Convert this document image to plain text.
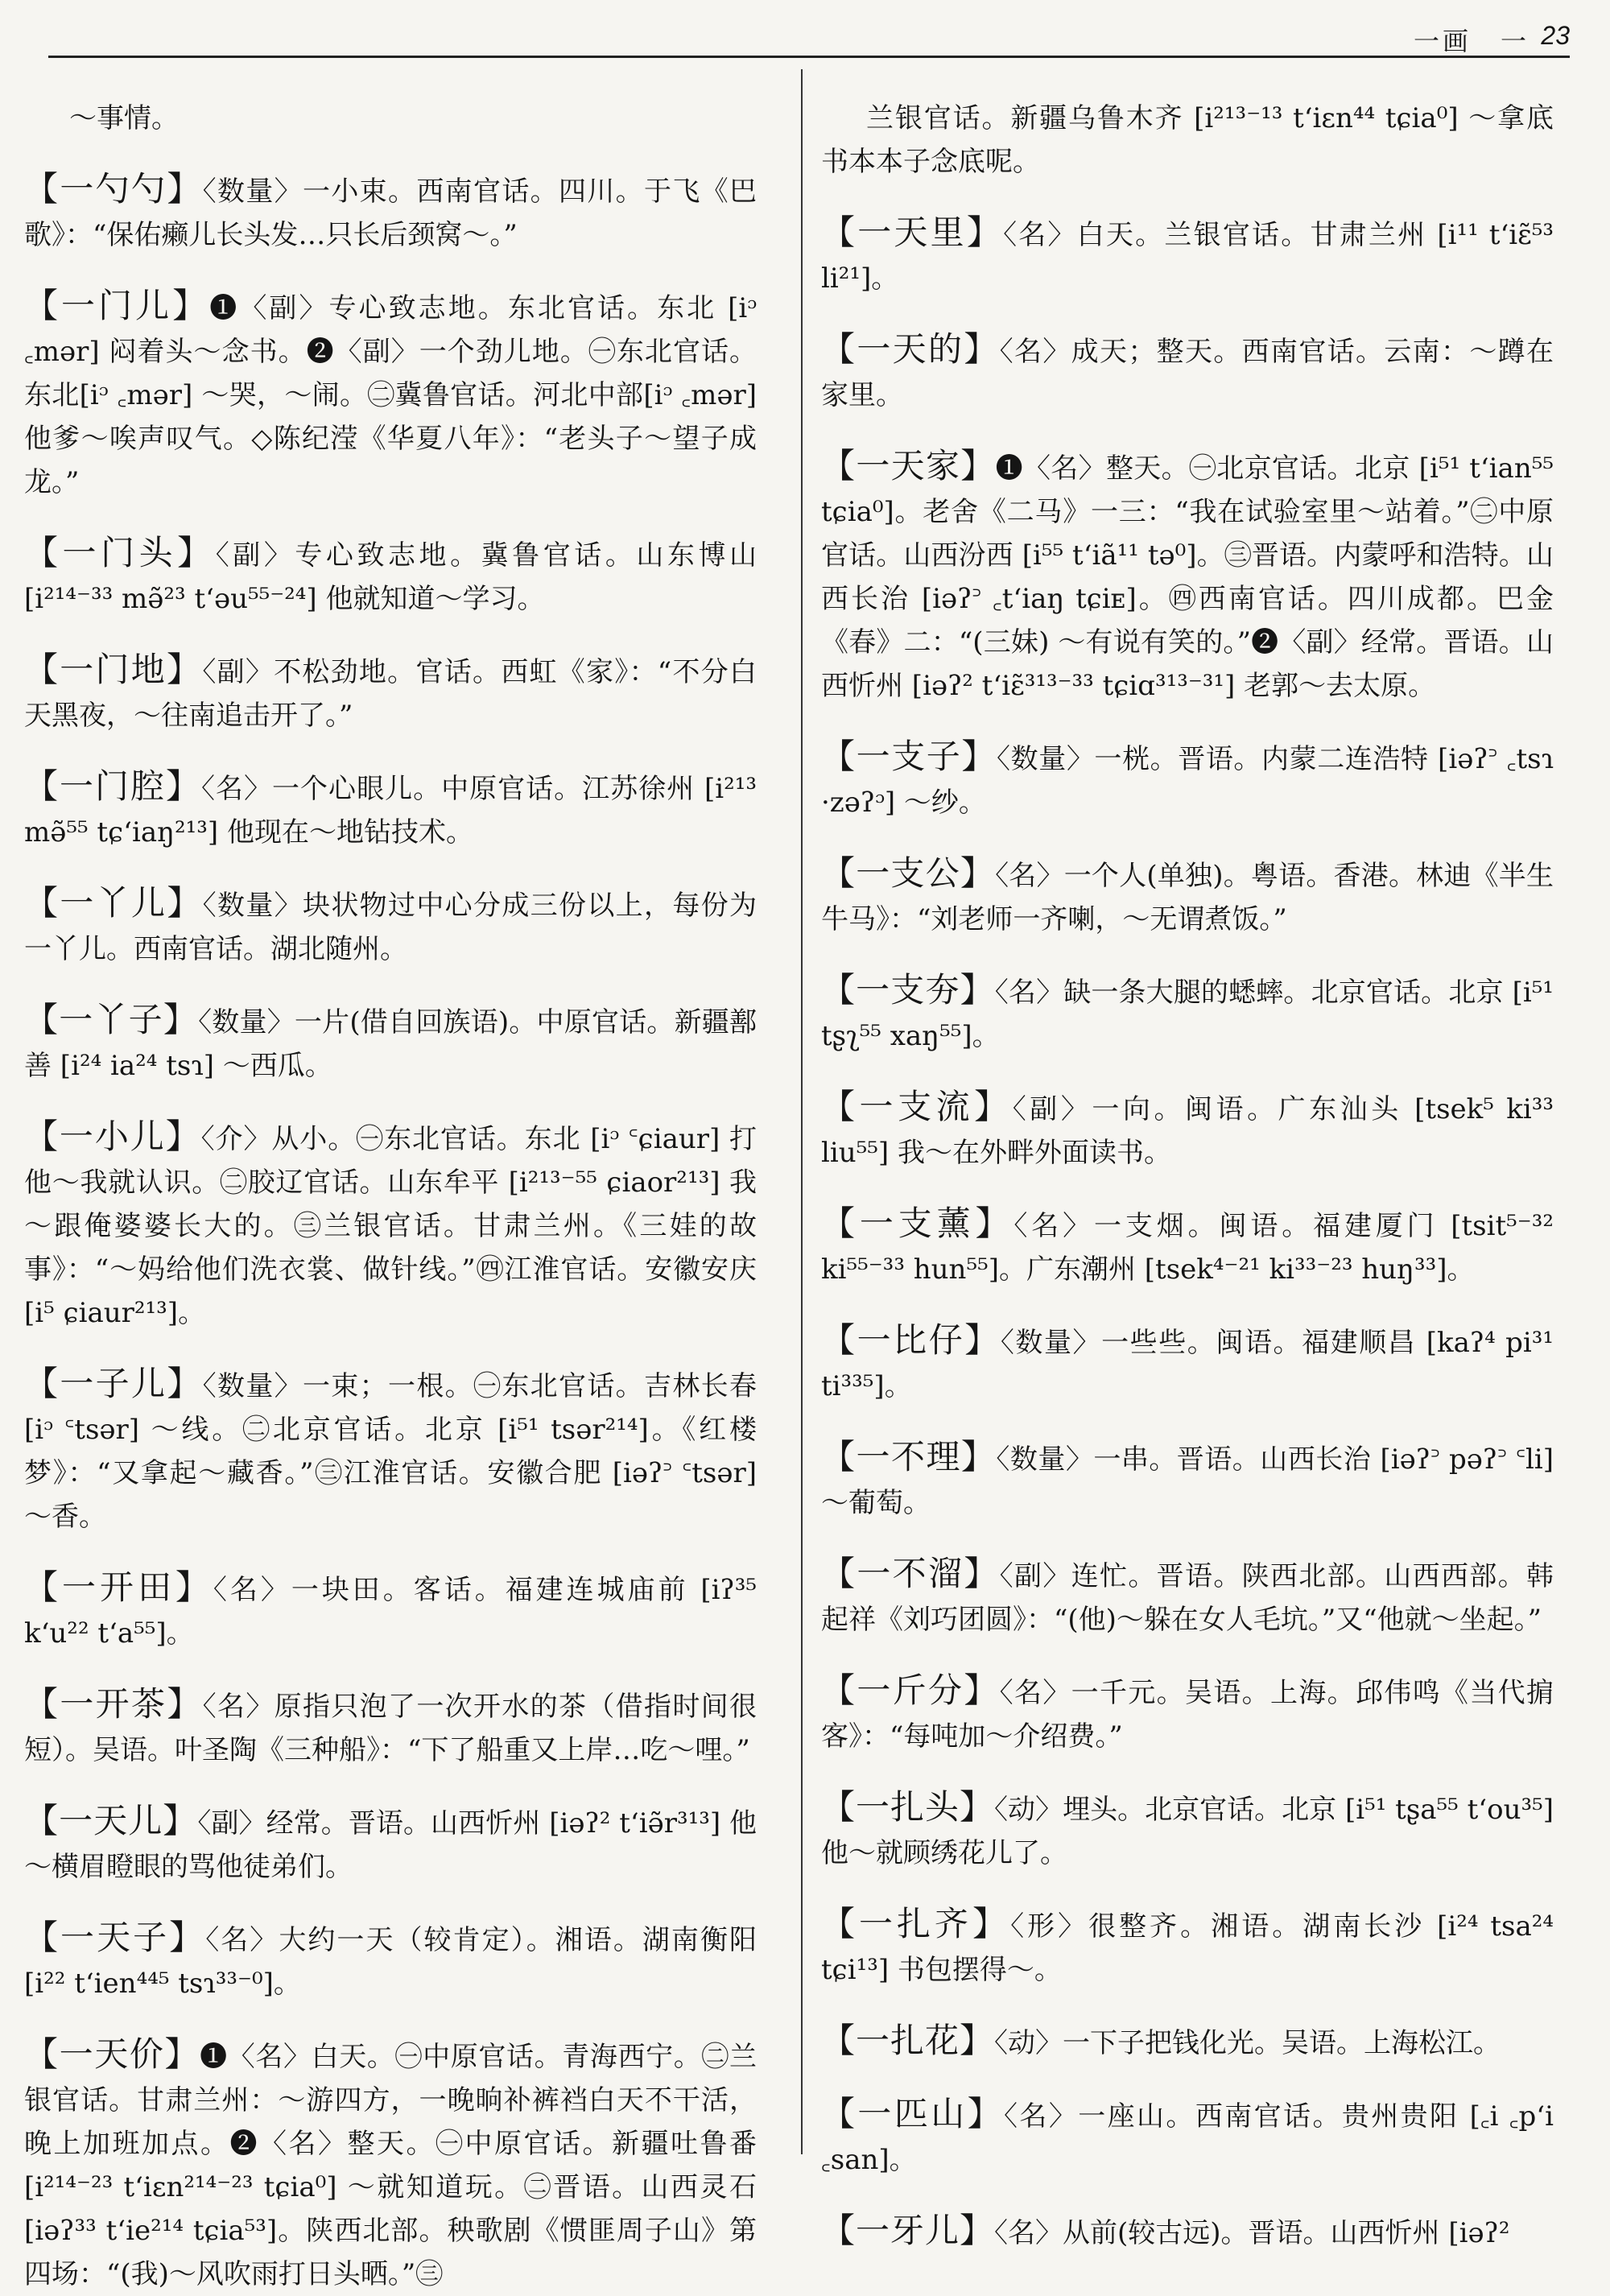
一画　一 23

～事情。

【一勺勺】〈数量〉一小束。西南官话。四川。于飞《巴歌》：“保佑癞儿长头发…只长后颈窝～。”

【一门儿】❶〈副〉专心致志地。东北官话。东北 [iᵓ ꜀mər] 闷着头～念书。❷〈副〉一个劲儿地。㊀东北官话。东北[iᵓ ꜀mər] ～哭，～闹。㊁冀鲁官话。河北中部[iᵓ ꜀mər] 他爹～唉声叹气。◇陈纪滢《华夏八年》：“老头子～望子成龙。”

【一门头】〈副〉专心致志地。冀鲁官话。山东博山 [i²¹⁴⁻³³ mə̃²³ tʻəu⁵⁵⁻²⁴] 他就知道～学习。

【一门地】〈副〉不松劲地。官话。西虹《家》：“不分白天黑夜，～往南追击开了。”

【一门腔】〈名〉一个心眼儿。中原官话。江苏徐州 [i²¹³ mə̃⁵⁵ tɕʻiaŋ²¹³] 他现在～地钻技术。

【一丫儿】〈数量〉块状物过中心分成三份以上，每份为一丫儿。西南官话。湖北随州。

【一丫子】〈数量〉一片(借自回族语)。中原官话。新疆鄯善 [i²⁴ ia²⁴ tsɿ] ～西瓜。

【一小儿】〈介〉从小。㊀东北官话。东北 [iᵓ ꜂ɕiaur] 打他～我就认识。㊁胶辽官话。山东牟平 [i²¹³⁻⁵⁵ ɕiaor²¹³] 我～跟俺婆婆长大的。㊂兰银官话。甘肃兰州。《三娃的故事》：“～妈给他们洗衣裳、做针线。”㊃江淮官话。安徽安庆 [i⁵ ɕiaur²¹³]。

【一子儿】〈数量〉一束；一根。㊀东北官话。吉林长春 [iᵓ ꜂tsər] ～线。㊁北京官话。北京 [i⁵¹ tsər²¹⁴]。《红楼梦》：“又拿起～藏香。”㊂江淮官话。安徽合肥 [iəʔ꜄ ꜂tsər] ～香。

【一开田】〈名〉一块田。客话。福建连城庙前 [iʔ³⁵ kʻu²² tʻa⁵⁵]。

【一开茶】〈名〉原指只泡了一次开水的茶（借指时间很短）。吴语。叶圣陶《三种船》：“下了船重又上岸…吃～哩。”

【一天儿】〈副〉经常。晋语。山西忻州 [iəʔ² tʻiə̃r³¹³] 他～横眉瞪眼的骂他徒弟们。

【一天子】〈名〉大约一天（较肯定）。湘语。湖南衡阳 [i²² tʻien⁴⁴⁵ tsɿ³³⁻⁰]。

【一天价】❶〈名〉白天。㊀中原官话。青海西宁。㊁兰银官话。甘肃兰州：～游四方，一晚晌补裤裆白天不干活，晚上加班加点。❷〈名〉整天。㊀中原官话。新疆吐鲁番 [i²¹⁴⁻²³ tʻiɛn²¹⁴⁻²³ tɕia⁰] ～就知道玩。㊁晋语。山西灵石 [iəʔ³³ tʻie²¹⁴ tɕia⁵³]。陕西北部。秧歌剧《惯匪周子山》第四场：“(我)～风吹雨打日头晒。”㊂

兰银官话。新疆乌鲁木齐 [i²¹³⁻¹³ tʻiɛn⁴⁴ tɕia⁰] ～拿底书本本子念底呢。

【一天里】〈名〉白天。兰银官话。甘肃兰州 [i¹¹ tʻiɛ̃⁵³ li²¹]。

【一天的】〈名〉成天；整天。西南官话。云南：～蹲在家里。

【一天家】❶〈名〉整天。㊀北京官话。北京 [i⁵¹ tʻian⁵⁵ tɕia⁰]。老舍《二马》一三：“我在试验室里～站着。”㊁中原官话。山西汾西 [i⁵⁵ tʻiã¹¹ tə⁰]。㊂晋语。内蒙呼和浩特。山西长治 [iəʔ꜄ ꜀tʻiaŋ tɕiᴇ]。㊃西南官话。四川成都。巴金《春》二：“(三妹) ～有说有笑的。”❷〈副〉经常。晋语。山西忻州 [iəʔ² tʻiɛ̃³¹³⁻³³ tɕiɑ³¹³⁻³¹] 老郭～去太原。

【一支子】〈数量〉一桄。晋语。内蒙二连浩特 [iəʔ꜄ ꜀tsɿ ·zəʔᵓ] ～纱。

【一支公】〈名〉一个人(单独)。粤语。香港。林迪《半生牛马》：“刘老师一齐喇，～无谓煮饭。”

【一支夯】〈名〉缺一条大腿的蟋蟀。北京官话。北京 [i⁵¹ tʂʅ⁵⁵ xaŋ⁵⁵]。

【一支流】〈副〉一向。闽语。广东汕头 [tsek⁵ ki³³ liu⁵⁵] 我～在外畔外面读书。

【一支薰】〈名〉一支烟。闽语。福建厦门 [tsit⁵⁻³² ki⁵⁵⁻³³ hun⁵⁵]。广东潮州 [tsek⁴⁻²¹ ki³³⁻²³ huŋ³³]。

【一比仔】〈数量〉一些些。闽语。福建顺昌 [kaʔ⁴ pi³¹ ti³³⁵]。

【一不理】〈数量〉一串。晋语。山西长治 [iəʔ꜄ pəʔ꜄ ꜂li] ～葡萄。

【一不溜】〈副〉连忙。晋语。陕西北部。山西西部。韩起祥《刘巧团圆》：“(他)～躲在女人毛坑。”又“他就～坐起。”

【一斤分】〈名〉一千元。吴语。上海。邱伟鸣《当代掮客》：“每吨加～介绍费。”

【一扎头】〈动〉埋头。北京官话。北京 [i⁵¹ tʂa⁵⁵ tʻou³⁵] 他～就顾绣花儿了。

【一扎齐】〈形〉很整齐。湘语。湖南长沙 [i²⁴ tsa²⁴ tɕi¹³] 书包摆得～。

【一扎花】〈动〉一下子把钱化光。吴语。上海松江。

【一匹山】〈名〉一座山。西南官话。贵州贵阳 [꜀i ꜀pʻi ꜀san]。

【一牙儿】〈名〉从前(较古远)。晋语。山西忻州 [iəʔ²
